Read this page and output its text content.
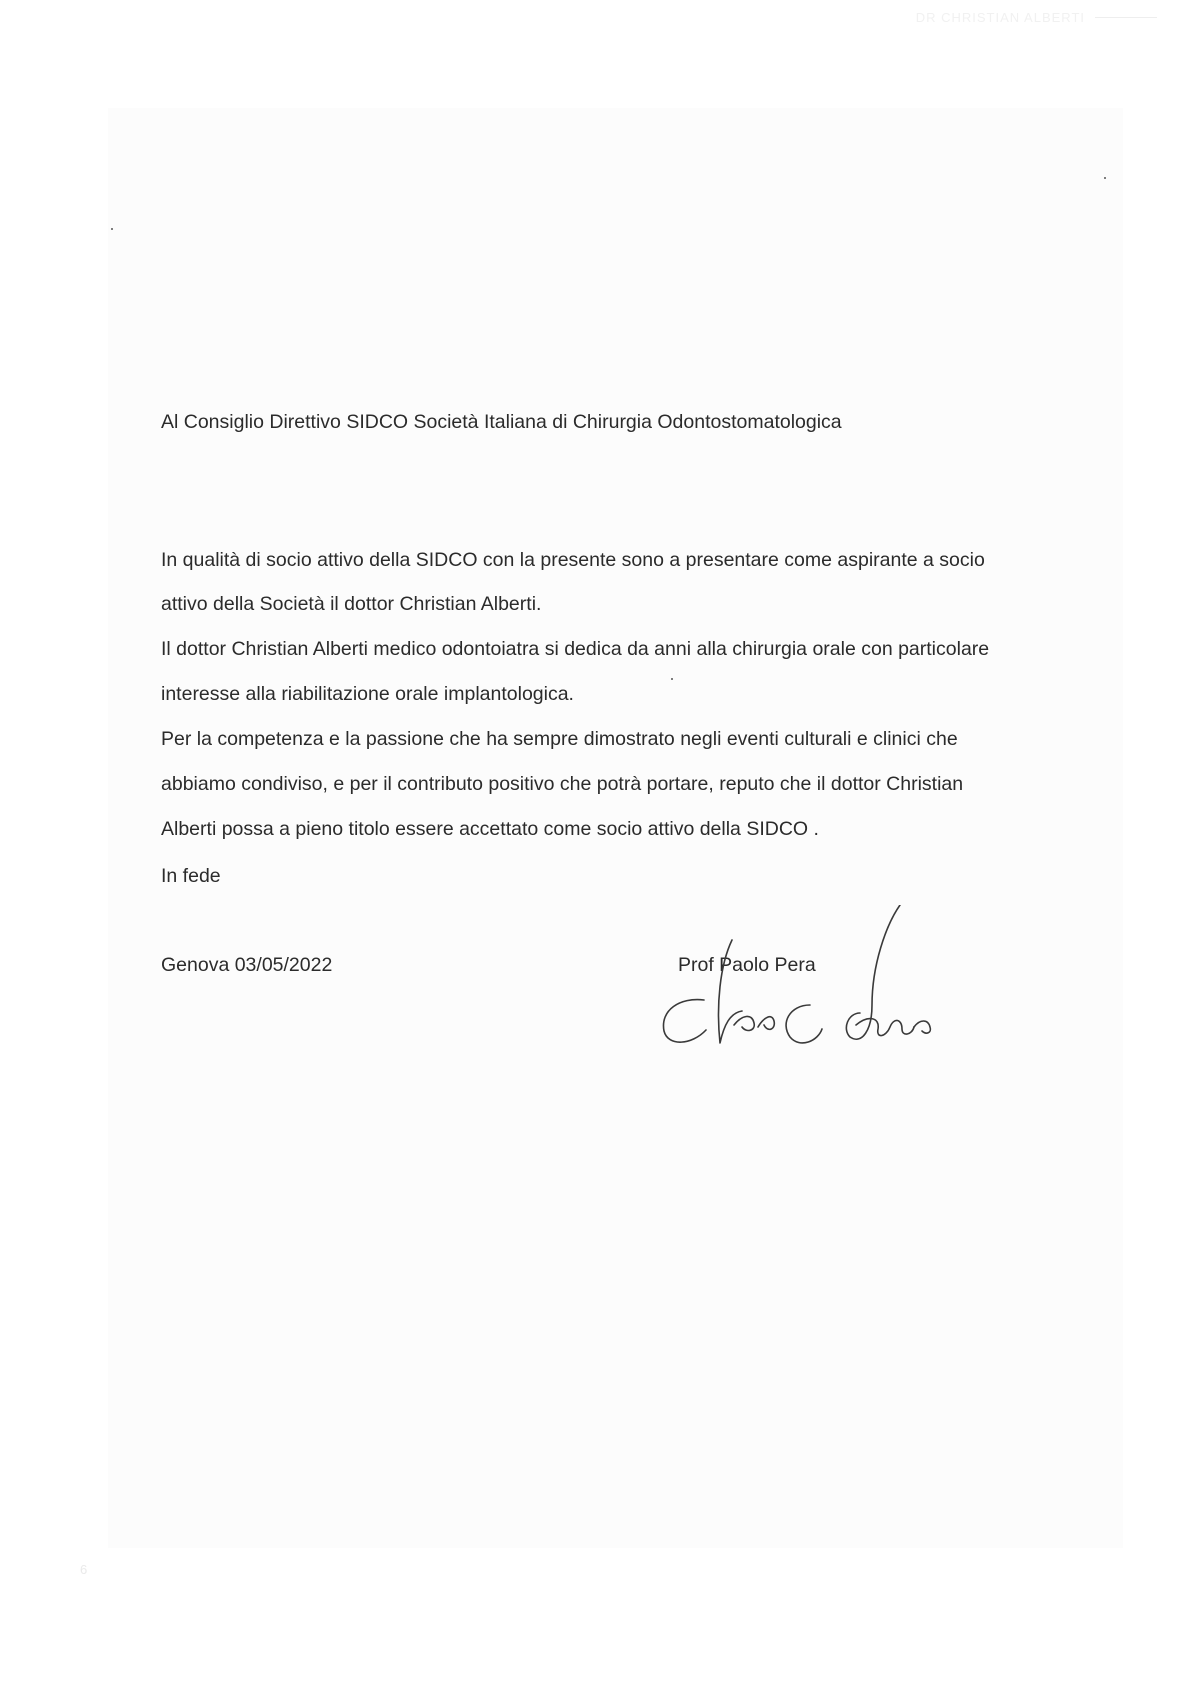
DR CHRISTIAN ALBERTI
Al Consiglio Direttivo SIDCO Società Italiana di Chirurgia Odontostomatologica
In qualità di socio attivo della SIDCO con la presente sono a presentare come aspirante a socio
attivo della Società il dottor Christian Alberti.
Il dottor Christian Alberti medico odontoiatra si dedica da anni alla chirurgia orale con particolare
interesse alla riabilitazione orale implantologica.
Per la competenza e la passione che ha sempre dimostrato negli eventi culturali e clinici che
abbiamo condiviso, e per il contributo positivo che potrà portare, reputo che il dottor Christian
Alberti possa a pieno titolo essere accettato come socio attivo della SIDCO .
In fede
Genova 03/05/2022	Prof Paolo Pera
6
